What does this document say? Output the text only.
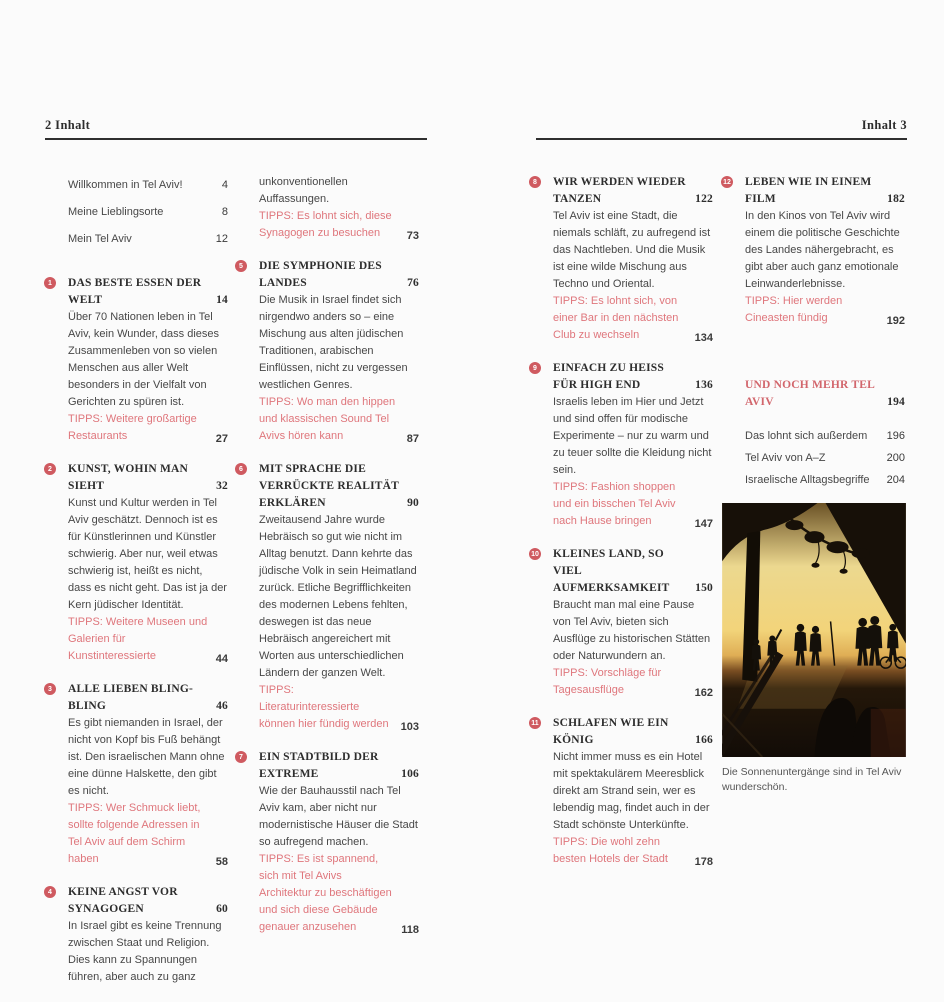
2 Inhalt	Inhalt 3
Willkommen in Tel Aviv!	4
Meine Lieblingsorte	8
Mein Tel Aviv	12
1	DAS BESTE ESSEN DER WELT	14
Über 70 Nationen leben in Tel Aviv, kein Wunder, dass dieses Zusammenleben von so vielen Menschen aus aller Welt besonders in der Vielfalt von Gerichten zu spüren ist.
TIPPS: Weitere großartige Restaurants	27
2	KUNST, WOHIN MAN SIEHT	32
Kunst und Kultur werden in Tel Aviv geschätzt. Dennoch ist es für Künstlerinnen und Künstler schwierig. Aber nur, weil etwas schwierig ist, heißt es nicht, dass es nicht geht. Das ist ja der Kern jüdischer Identität.
TIPPS: Weitere Museen und Galerien für Kunstinteressierte	44
3	ALLE LIEBEN BLING-BLING	46
Es gibt niemanden in Israel, der nicht von Kopf bis Fuß behängt ist. Den israelischen Mann ohne eine dünne Halskette, den gibt es nicht.
TIPPS: Wer Schmuck liebt, sollte folgende Adressen in Tel Aviv auf dem Schirm haben	58
4	KEINE ANGST VOR SYNAGOGEN	60
In Israel gibt es keine Trennung zwischen Staat und Religion. Dies kann zu Spannungen führen, aber auch zu ganz
unkonventionellen Auffassungen.
TIPPS: Es lohnt sich, diese Synagogen zu besuchen	73
5	DIE SYMPHONIE DES LANDES	76
Die Musik in Israel findet sich nirgendwo anders so – eine Mischung aus alten jüdischen Traditionen, arabischen Einflüssen, nicht zu vergessen westlichen Genres.
TIPPS: Wo man den hippen und klassischen Sound Tel Avivs hören kann	87
6	MIT SPRACHE DIE VERRÜCKTE REALITÄT ERKLÄREN	90
Zweitausend Jahre wurde Hebräisch so gut wie nicht im Alltag benutzt. Dann kehrte das jüdische Volk in sein Heimatland zurück. Etliche Begrifflichkeiten des modernen Lebens fehlten, deswegen ist das neue Hebräisch angereichert mit Worten aus unterschiedlichen Ländern der ganzen Welt.
TIPPS: Literaturinteressierte können hier fündig werden	103
7	EIN STADTBILD DER EXTREME	106
Wie der Bauhausstil nach Tel Aviv kam, aber nicht nur modernistische Häuser die Stadt so aufregend machen.
TIPPS: Es ist spannend, sich mit Tel Avivs Architektur zu beschäftigen und sich diese Gebäude genauer anzusehen	118
8	WIR WERDEN WIEDER TANZEN	122
Tel Aviv ist eine Stadt, die niemals schläft, zu aufregend ist das Nachtleben. Und die Musik ist eine wilde Mischung aus Techno und Oriental.
TIPPS: Es lohnt sich, von einer Bar in den nächsten Club zu wechseln	134
9	EINFACH ZU HEISS FÜR HIGH END	136
Israelis leben im Hier und Jetzt und sind offen für modische Experimente – nur zu warm und zu teuer sollte die Kleidung nicht sein.
TIPPS: Fashion shoppen und ein bisschen Tel Aviv nach Hause bringen	147
10 KLEINES LAND, SO VIEL AUFMERKSAMKEIT	150
Braucht man mal eine Pause von Tel Aviv, bieten sich Ausflüge zu historischen Stätten oder Naturwundern an.
TIPPS: Vorschläge für Tagesausflüge	162
11 SCHLAFEN WIE EIN KÖNIG	166
Nicht immer muss es ein Hotel mit spektakulärem Meeresblick direkt am Strand sein, wer es lebendig mag, findet auch in der Stadt schönste Unterkünfte.
TIPPS: Die wohl zehn besten Hotels der Stadt	178
12 LEBEN WIE IN EINEM FILM	182
In den Kinos von Tel Aviv wird einem die politische Geschichte des Landes nähergebracht, es gibt aber auch ganz emotionale Leinwanderlebnisse.
TIPPS: Hier werden Cineasten fündig	192
UND NOCH MEHR TEL AVIV	194
Das lohnt sich außerdem 196
Tel Aviv von A–Z	200
Israelische Alltagsbegriffe 204
Die Sonnenuntergänge sind in Tel Aviv wunderschön.
